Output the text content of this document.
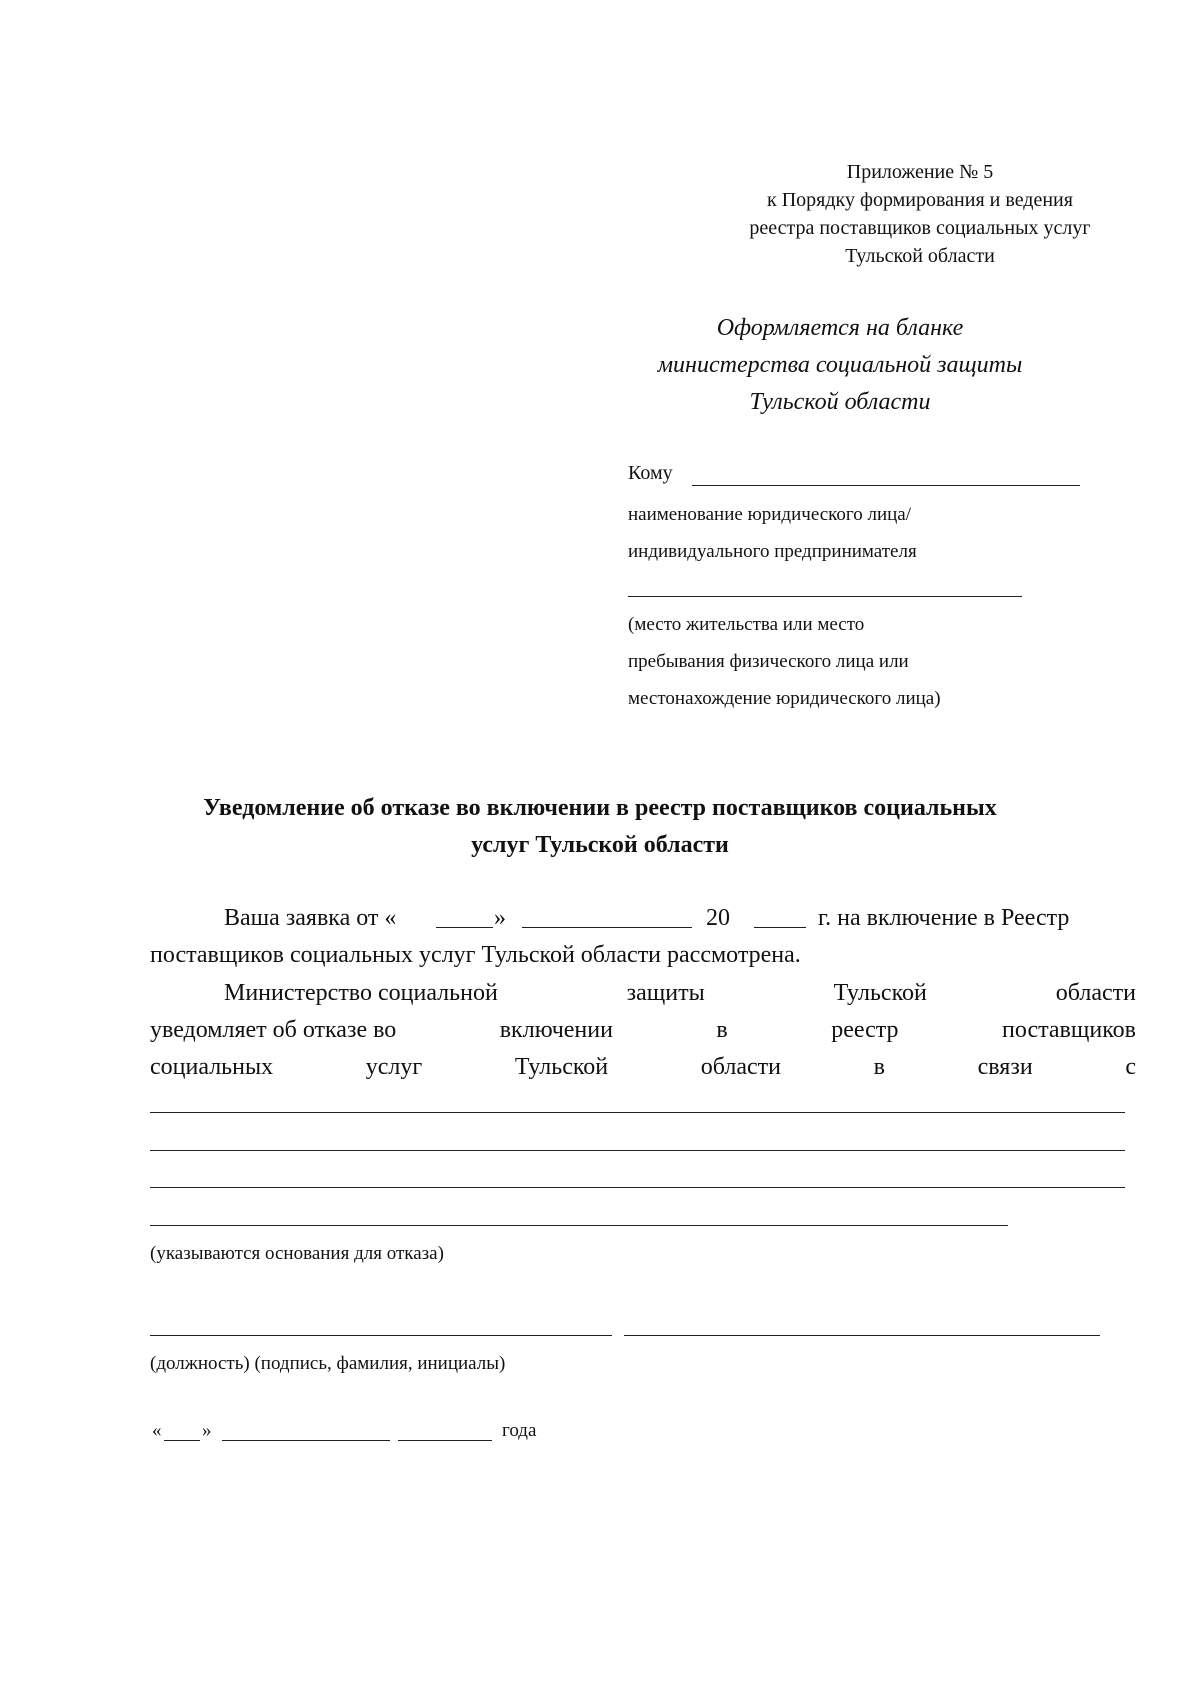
Приложение № 5
к Порядку формирования и ведения
реестра поставщиков социальных услуг
Тульской области
Оформляется на бланке
министерства социальной защиты
Тульской области
Кому
наименование юридического лица/
индивидуального предпринимателя
(место жительства или место
пребывания физического лица или
местонахождение юридического лица)
Уведомление об отказе во включении в реестр поставщиков социальных
услуг Тульской области
Ваша заявка от «	»	20	г. на включение в Реестр
поставщиков социальных услуг Тульской области рассмотрена.
Министерство социальной	защиты	Тульской	области
уведомляет об отказе во	включении	в	реестр	поставщиков
социальных	услуг	Тульской	области	в	связи	с
(указываются основания для отказа)
(должность) (подпись, фамилия, инициалы)
« »	года
